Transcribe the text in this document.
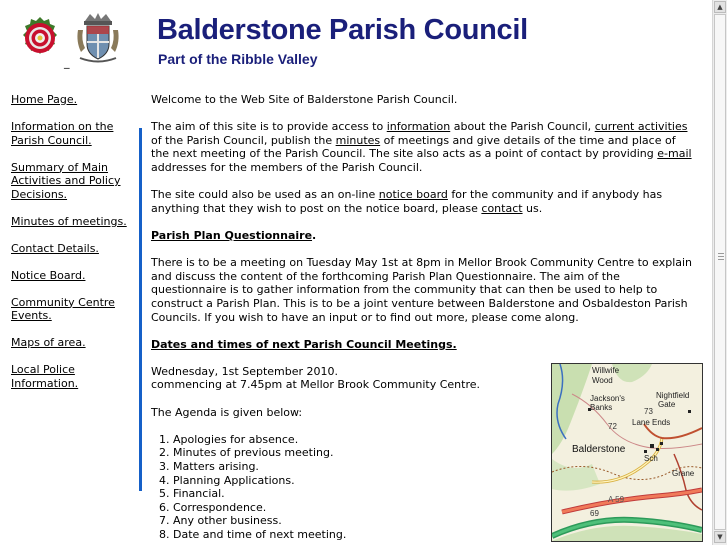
_
Balderstone Parish Council
Part of the Ribble Valley
Home Page.
Information on the Parish Council.
Summary of Main Activities and Policy Decisions.
Minutes of meetings.
Contact Details.
Notice Board.
Community Centre Events.
Maps of area.
Local Police Information.

Welcome to the Web Site of Balderstone Parish Council.

The aim of this site is to provide access to information about the Parish Council, current activities of the Parish Council, publish the minutes of meetings and give details of the time and place of the next meeting of the Parish Council. The site also acts as a point of contact by providing e-mail addresses for the members of the Parish Council.

The site could also be used as an on-line notice board for the community and if anybody has anything that they wish to post on the notice board, please contact us.

Parish Plan Questionnaire.

There is to be a meeting on Tuesday May 1st at 8pm in Mellor Brook Community Centre to explain and discuss the content of the forthcoming Parish Plan Questionnaire. The aim of the questionnaire is to gather information from the community that can then be used to help to construct a Parish Plan. This is to be a joint venture between Balderstone and Osbaldeston Parish Councils. If you wish to have an input or to find out more, please come along.

Dates and times of next Parish Council Meetings.

Wednesday, 1st September 2010.
commencing at 7.45pm at Mellor Brook Community Centre.

The Agenda is given below:

1. Apologies for absence.
2. Minutes of previous meeting.
3. Matters arising.
4. Planning Applications.
5. Financial.
6. Correspondence.
7. Any other business.
8. Date and time of next meeting.
Willwife
Wood
Jackson's
Banks	73
Nightfield
Gate
72 Lane Ends
Balderstone
Sch
Grane
A 59
69
▲
▼
